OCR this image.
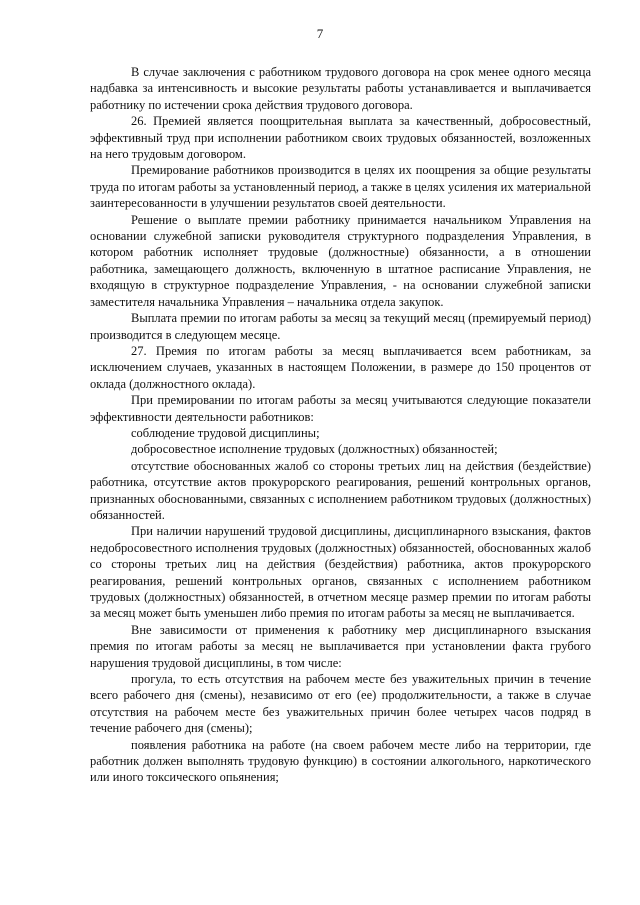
7

В случае заключения с работником трудового договора на срок менее одного месяца надбавка за интенсивность и высокие результаты работы устанавливается и выплачивается работнику по истечении срока действия трудового договора.

26. Премией является поощрительная выплата за качественный, добросовестный, эффективный труд при исполнении работником своих трудовых обязанностей, возложенных на него трудовым договором.

Премирование работников производится в целях их поощрения за общие результаты труда по итогам работы за установленный период, а также в целях усиления их материальной заинтересованности в улучшении результатов своей деятельности.

Решение о выплате премии работнику принимается начальником Управления на основании служебной записки руководителя структурного подразделения Управления, в котором работник исполняет трудовые (должностные) обязанности, а в отношении работника, замещающего должность, включенную в штатное расписание Управления, не входящую в структурное подразделение Управления, - на основании служебной записки заместителя начальника Управления – начальника отдела закупок.

Выплата премии по итогам работы за месяц за текущий месяц (премируемый период) производится в следующем месяце.

27. Премия по итогам работы за месяц выплачивается всем работникам, за исключением случаев, указанных в настоящем Положении, в размере до 150 процентов от оклада (должностного оклада).

При премировании по итогам работы за месяц учитываются следующие показатели эффективности деятельности работников:

соблюдение трудовой дисциплины;

добросовестное исполнение трудовых (должностных) обязанностей;

отсутствие обоснованных жалоб со стороны третьих лиц на действия (бездействие) работника, отсутствие актов прокурорского реагирования, решений контрольных органов, признанных обоснованными, связанных с исполнением работником трудовых (должностных) обязанностей.

При наличии нарушений трудовой дисциплины, дисциплинарного взыскания, фактов недобросовестного исполнения трудовых (должностных) обязанностей, обоснованных жалоб со стороны третьих лиц на действия (бездействия) работника, актов прокурорского реагирования, решений контрольных органов, связанных с исполнением работником трудовых (должностных) обязанностей, в отчетном месяце размер премии по итогам работы за месяц может быть уменьшен либо премия по итогам работы за месяц не выплачивается.

Вне зависимости от применения к работнику мер дисциплинарного взыскания премия по итогам работы за месяц не выплачивается при установлении факта грубого нарушения трудовой дисциплины, в том числе:

прогула, то есть отсутствия на рабочем месте без уважительных причин в течение всего рабочего дня (смены), независимо от его (ее) продолжительности, а также в случае отсутствия на рабочем месте без уважительных причин более четырех часов подряд в течение рабочего дня (смены);

появления работника на работе (на своем рабочем месте либо на территории, где работник должен выполнять трудовую функцию) в состоянии алкогольного, наркотического или иного токсического опьянения;
